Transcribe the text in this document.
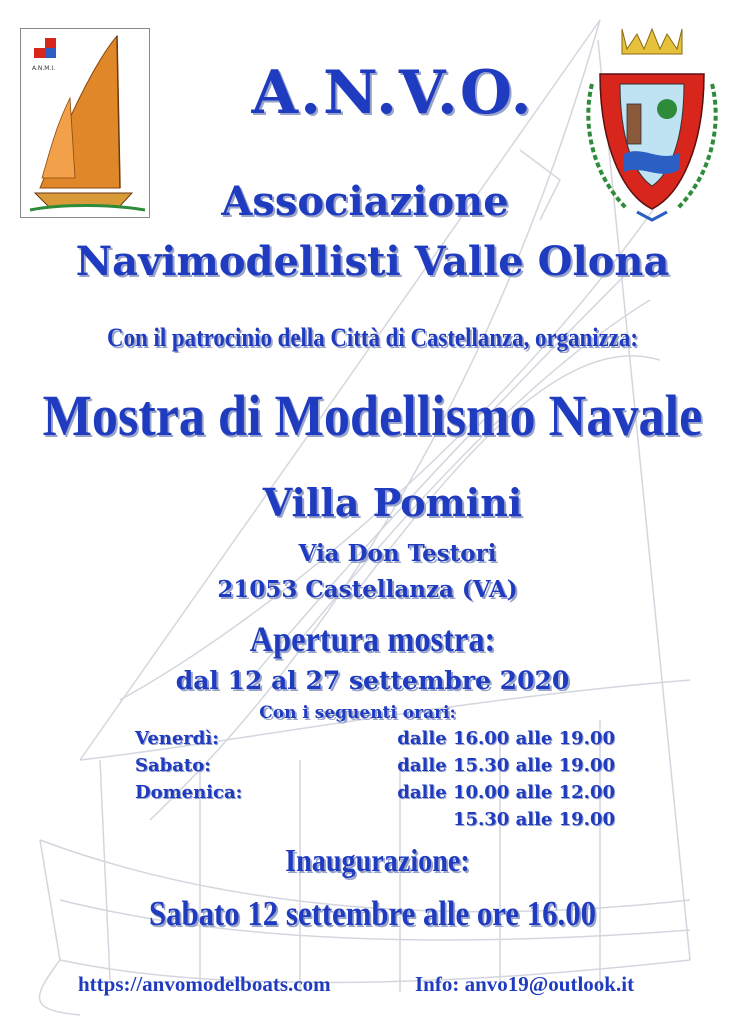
A.N.M.I.	A.N.V.O.
Associazione
Navimodellisti Valle Olona
Con il patrocinio della Città di Castellanza, organizza:
Mostra di Modellismo Navale
Villa Pomini
Via Don Testori
21053 Castellanza (VA)
Apertura mostra:
dal 12 al 27 settembre 2020
Con i seguenti orari:
Venerdì:	dalle 16.00 alle 19.00
Sabato:	dalle 15.30 alle 19.00
Domenica:	dalle 10.00 alle 12.00
15.30 alle 19.00
Inaugurazione:
Sabato 12 settembre alle ore 16.00
https://anvomodelboats.com	Info: anvo19@outlook.it
